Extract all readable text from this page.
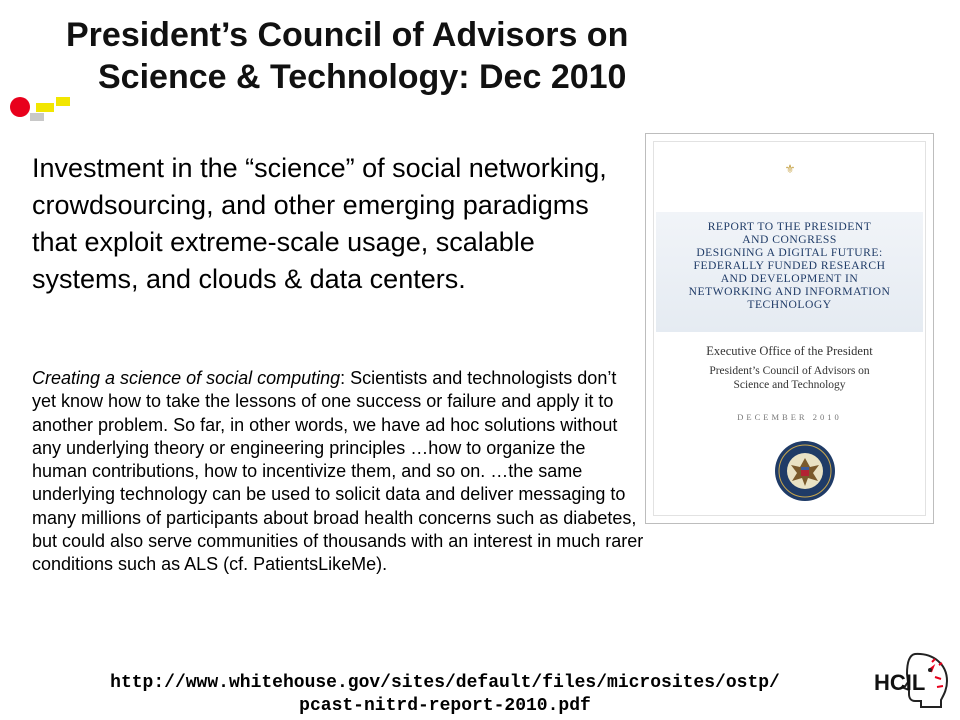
President’s Council of Advisors on
Science & Technology: Dec 2010
Investment in the “science” of social networking, crowdsourcing, and other emerging paradigms that exploit extreme-scale usage, scalable systems, and clouds & data centers.
Creating a science of social computing: Scientists and technologists don’t yet know how to take the lessons of one success or failure and apply it to another problem. So far, in other words, we have ad hoc solutions without any underlying theory or engineering principles …how to organize the human contributions, how to incentivize them, and so on. …the same underlying technology can be used to solicit data and deliver messaging to many millions of participants about broad health concerns such as diabetes, but could also serve communities of thousands with an interest in much rarer conditions such as ALS (cf. PatientsLikeMe).
⚜
REPORT TO THE PRESIDENT
AND CONGRESS
DESIGNING A DIGITAL FUTURE:
FEDERALLY FUNDED RESEARCH
AND DEVELOPMENT IN
NETWORKING AND INFORMATION
TECHNOLOGY
Executive Office of the President
President’s Council of Advisors on
Science and Technology
DECEMBER 2010
http://www.whitehouse.gov/sites/default/files/microsites/ostp/
pcast-nitrd-report-2010.pdf
HCIL
